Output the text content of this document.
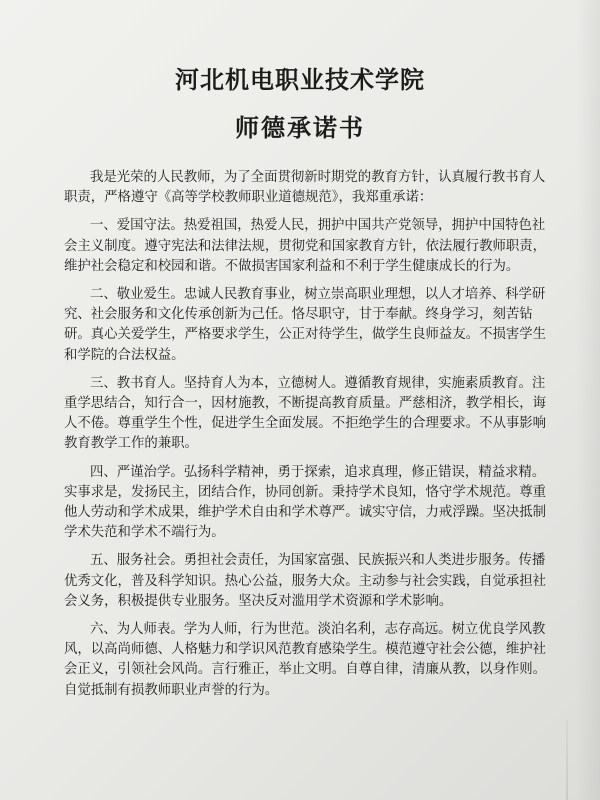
河北机电职业技术学院
师德承诺书

我是光荣的人民教师，为了全面贯彻新时期党的教育方针，认真履行教书育人职责，严格遵守《高等学校教师职业道德规范》，我郑重承诺：

一、爱国守法。热爱祖国，热爱人民，拥护中国共产党领导，拥护中国特色社会主义制度。遵守宪法和法律法规，贯彻党和国家教育方针，依法履行教师职责，维护社会稳定和校园和谐。不做损害国家利益和不利于学生健康成长的行为。

二、敬业爱生。忠诚人民教育事业，树立崇高职业理想，以人才培养、科学研究、社会服务和文化传承创新为己任。恪尽职守，甘于奉献。终身学习，刻苦钻研。真心关爱学生，严格要求学生，公正对待学生，做学生良师益友。不损害学生和学院的合法权益。

三、教书育人。坚持育人为本，立德树人。遵循教育规律，实施素质教育。注重学思结合，知行合一，因材施教，不断提高教育质量。严慈相济，教学相长，诲人不倦。尊重学生个性，促进学生全面发展。不拒绝学生的合理要求。不从事影响教育教学工作的兼职。

四、严谨治学。弘扬科学精神，勇于探索，追求真理，修正错误，精益求精。实事求是，发扬民主，团结合作，协同创新。秉持学术良知，恪守学术规范。尊重他人劳动和学术成果，维护学术自由和学术尊严。诚实守信，力戒浮躁。坚决抵制学术失范和学术不端行为。

五、服务社会。勇担社会责任，为国家富强、民族振兴和人类进步服务。传播优秀文化，普及科学知识。热心公益，服务大众。主动参与社会实践，自觉承担社会义务，积极提供专业服务。坚决反对滥用学术资源和学术影响。

六、为人师表。学为人师，行为世范。淡泊名利，志存高远。树立优良学风教风，以高尚师德、人格魅力和学识风范教育感染学生。模范遵守社会公德，维护社会正义，引领社会风尚。言行雅正，举止文明。自尊自律，清廉从教，以身作则。自觉抵制有损教师职业声誉的行为。
